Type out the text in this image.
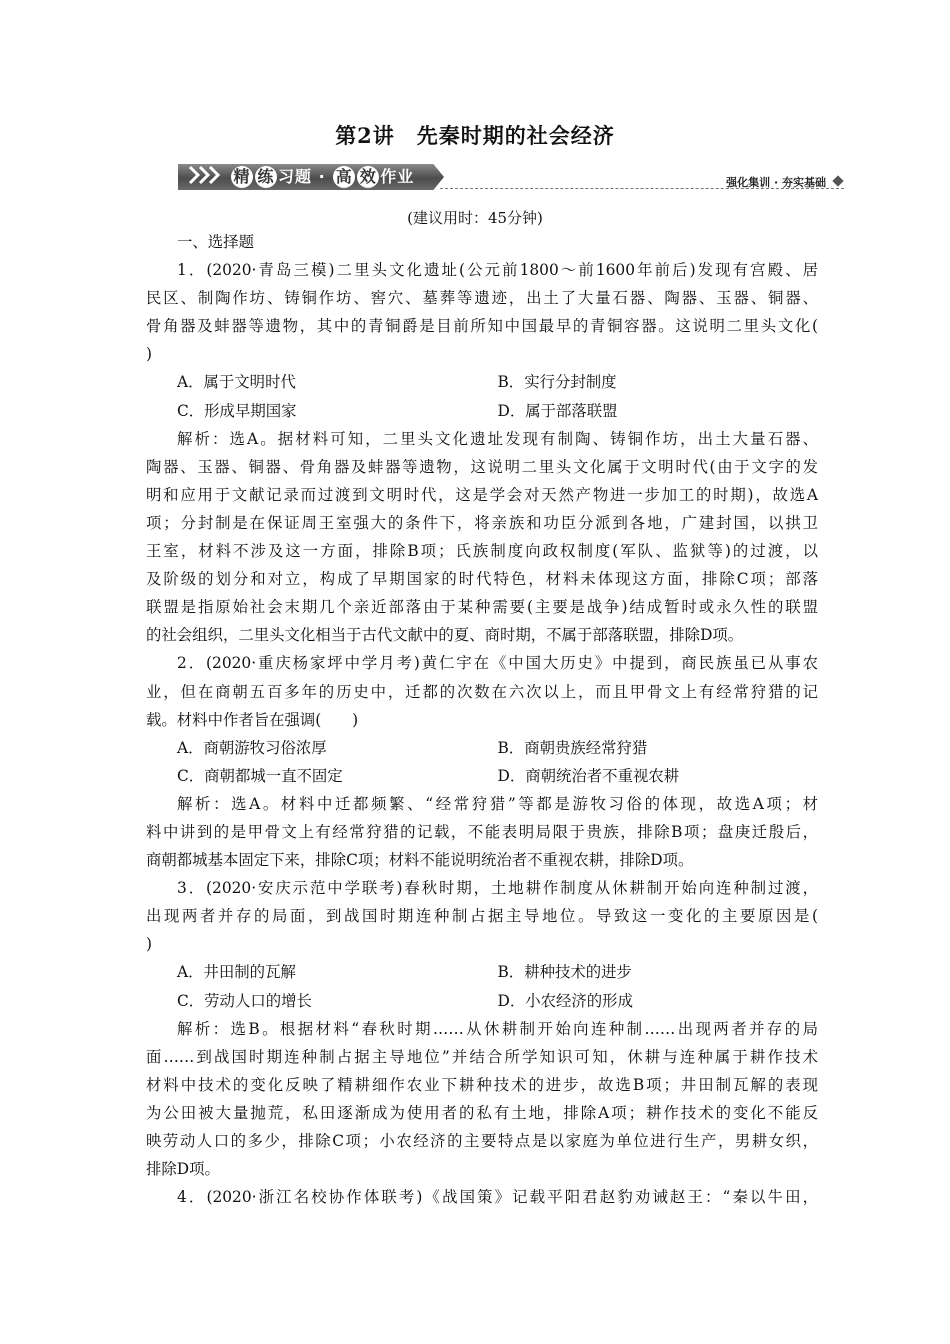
第2讲　先秦时期的社会经济
精 练 习题 · 高 效 作业	强化集训 · 夯实基础
(建议用时：45分钟)
一、选择题
1．(2020·青岛三模)二里头文化遗址(公元前1800～前1600年前后)发现有宫殿、居
民区、制陶作坊、铸铜作坊、窖穴、墓葬等遗迹，出土了大量石器、陶器、玉器、铜器、
骨角器及蚌器等遗物，其中的青铜爵是目前所知中国最早的青铜容器。这说明二里头文化(
)
A．属于文明时代	B．实行分封制度
C．形成早期国家	D．属于部落联盟
解析：选A。据材料可知，二里头文化遗址发现有制陶、铸铜作坊，出土大量石器、
陶器、玉器、铜器、骨角器及蚌器等遗物，这说明二里头文化属于文明时代(由于文字的发
明和应用于文献记录而过渡到文明时代，这是学会对天然产物进一步加工的时期)，故选A
项；分封制是在保证周王室强大的条件下，将亲族和功臣分派到各地，广建封国，以拱卫
王室，材料不涉及这一方面，排除B项；氏族制度向政权制度(军队、监狱等)的过渡，以
及阶级的划分和对立，构成了早期国家的时代特色，材料未体现这方面，排除C项；部落
联盟是指原始社会末期几个亲近部落由于某种需要(主要是战争)结成暂时或永久性的联盟
的社会组织，二里头文化相当于古代文献中的夏、商时期，不属于部落联盟，排除D项。
2．(2020·重庆杨家坪中学月考)黄仁宇在《中国大历史》中提到，商民族虽已从事农
业，但在商朝五百多年的历史中，迁都的次数在六次以上，而且甲骨文上有经常狩猎的记
载。材料中作者旨在强调(　　)
A．商朝游牧习俗浓厚	B．商朝贵族经常狩猎
C．商朝都城一直不固定	D．商朝统治者不重视农耕
解析：选A。材料中迁都频繁、“经常狩猎”等都是游牧习俗的体现，故选A项；材
料中讲到的是甲骨文上有经常狩猎的记载，不能表明局限于贵族，排除B项；盘庚迁殷后，
商朝都城基本固定下来，排除C项；材料不能说明统治者不重视农耕，排除D项。
3．(2020·安庆示范中学联考)春秋时期，土地耕作制度从休耕制开始向连种制过渡，
出现两者并存的局面，到战国时期连种制占据主导地位。导致这一变化的主要原因是(
)
A．井田制的瓦解	B．耕种技术的进步
C．劳动人口的增长	D．小农经济的形成
解析：选B。根据材料“春秋时期……从休耕制开始向连种制……出现两者并存的局
面……到战国时期连种制占据主导地位”并结合所学知识可知，休耕与连种属于耕作技术
材料中技术的变化反映了精耕细作农业下耕种技术的进步，故选B项；井田制瓦解的表现
为公田被大量抛荒，私田逐渐成为使用者的私有土地，排除A项；耕作技术的变化不能反
映劳动人口的多少，排除C项；小农经济的主要特点是以家庭为单位进行生产，男耕女织，
排除D项。
4．(2020·浙江名校协作体联考)《战国策》记载平阳君赵豹劝诫赵王：“秦以牛田，
